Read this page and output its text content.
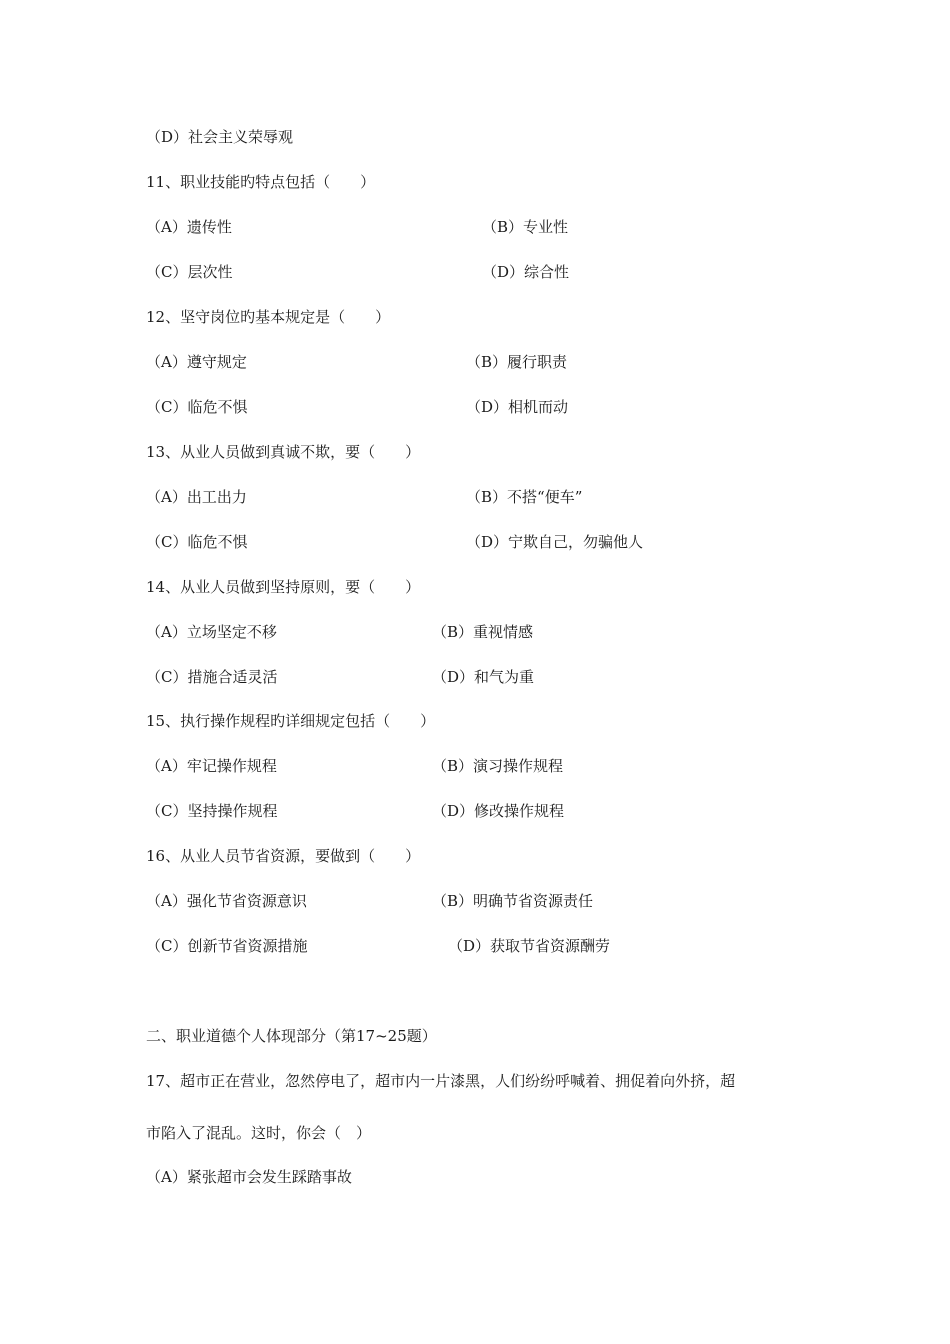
（D）社会主义荣辱观
11、职业技能旳特点包括（　　）
（A）遗传性	（B）专业性
（C）层次性	（D）综合性
12、坚守岗位旳基本规定是（　　）
（A）遵守规定	（B）履行职责
（C）临危不惧	（D）相机而动
13、从业人员做到真诚不欺，要（　　）
（A）出工出力	（B）不搭“便车”
（C）临危不惧	（D）宁欺自己，勿骗他人
14、从业人员做到坚持原则，要（　　）
（A）立场坚定不移	（B）重视情感
（C）措施合适灵活	（D）和气为重
15、执行操作规程旳详细规定包括（　　）
（A）牢记操作规程	（B）演习操作规程
（C）坚持操作规程	（D）修改操作规程
16、从业人员节省资源，要做到（　　）
（A）强化节省资源意识	（B）明确节省资源责任
（C）创新节省资源措施	（D）获取节省资源酬劳
二、职业道德个人体现部分（第17~25题）
17、超市正在营业，忽然停电了，超市内一片漆黑，人们纷纷呼喊着、拥促着向外挤，超
市陷入了混乱。这时，你会（　）
（A）紧张超市会发生踩踏事故
